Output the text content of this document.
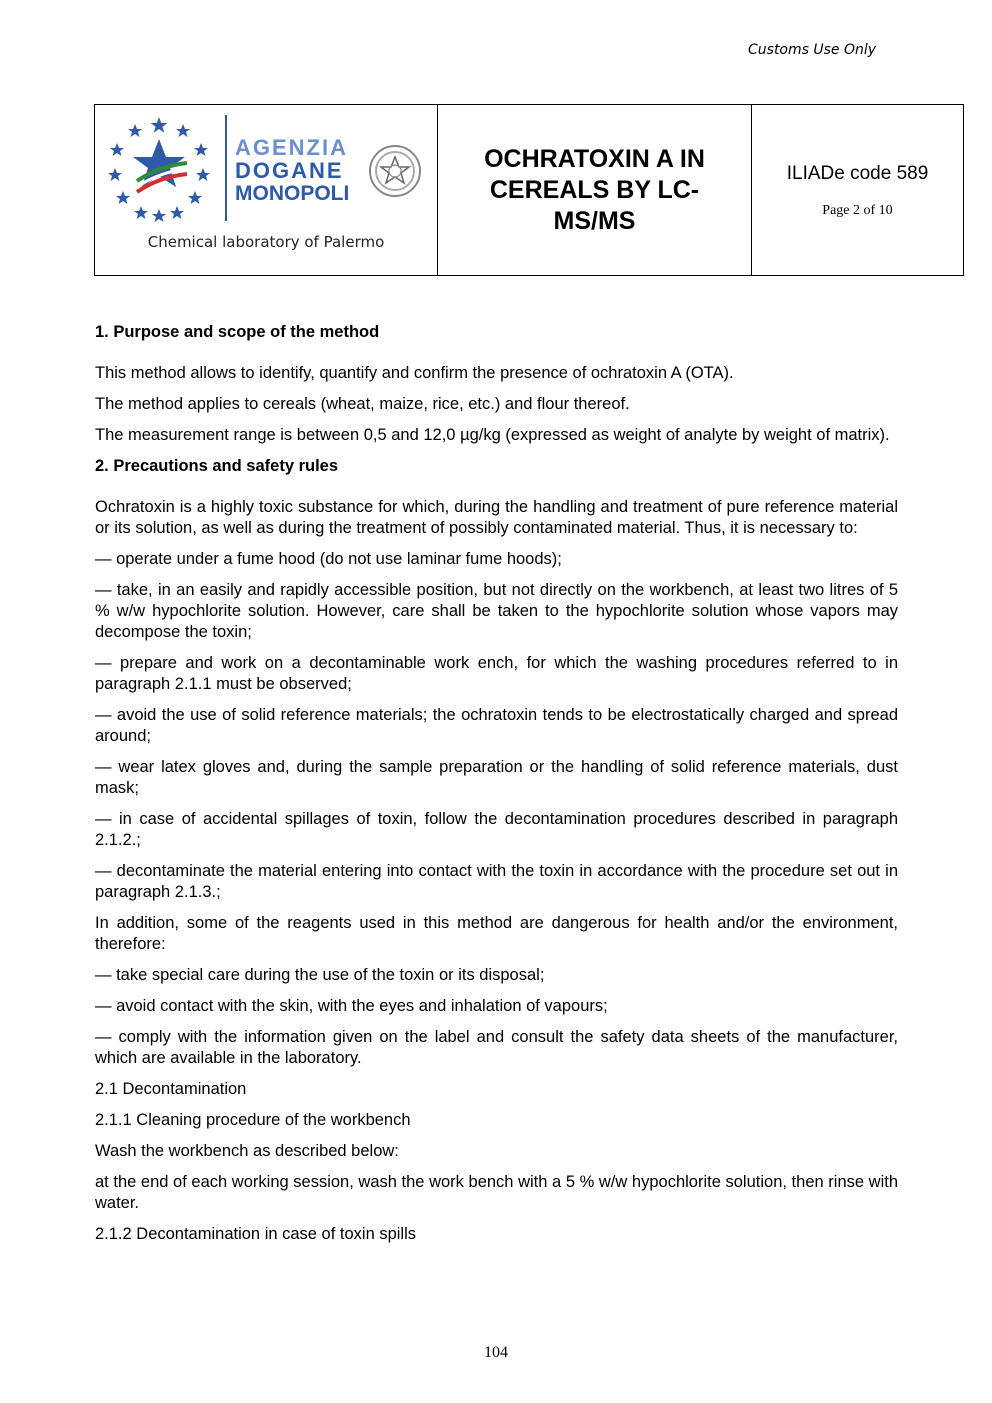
Customs Use Only
AGENZIA
DOGANE
MONOPOLI
Chemical laboratory of Palermo
OCHRATOXIN A IN CEREALS BY LC-MS/MS
ILIADe code 589
Page 2 of 10
1. Purpose and scope of the method

This method allows to identify, quantify and confirm the presence of ochratoxin A (OTA).

The method applies to cereals (wheat, maize, rice, etc.) and flour thereof.

The measurement range is between 0,5 and 12,0 µg/kg (expressed as weight of analyte by weight of matrix).

2. Precautions and safety rules

Ochratoxin is a highly toxic substance for which, during the handling and treatment of pure reference material or its solution, as well as during the treatment of possibly contaminated material. Thus, it is necessary to:

— operate under a fume hood (do not use laminar fume hoods);

— take, in an easily and rapidly accessible position, but not directly on the workbench, at least two litres of 5 % w/w hypochlorite solution. However, care shall be taken to the hypochlorite solution whose vapors may decompose the toxin;

— prepare and work on a decontaminable work ench, for which the washing procedures referred to in paragraph 2.1.1 must be observed;

— avoid the use of solid reference materials; the ochratoxin tends to be electrostatically charged and spread around;

— wear latex gloves and, during the sample preparation or the handling of solid reference materials, dust mask;

— in case of accidental spillages of toxin, follow the decontamination procedures described in paragraph 2.1.2.;

— decontaminate the material entering into contact with the toxin in accordance with the procedure set out in paragraph 2.1.3.;

In addition, some of the reagents used in this method are dangerous for health and/or the environment, therefore:

— take special care during the use of the toxin or its disposal;

— avoid contact with the skin, with the eyes and inhalation of vapours;

— comply with the information given on the label and consult the safety data sheets of the manufacturer, which are available in the laboratory.

2.1 Decontamination

2.1.1 Cleaning procedure of the workbench

Wash the workbench as described below:

at the end of each working session, wash the work bench with a 5 % w/w hypochlorite solution, then rinse with water.

2.1.2 Decontamination in case of toxin spills

104
